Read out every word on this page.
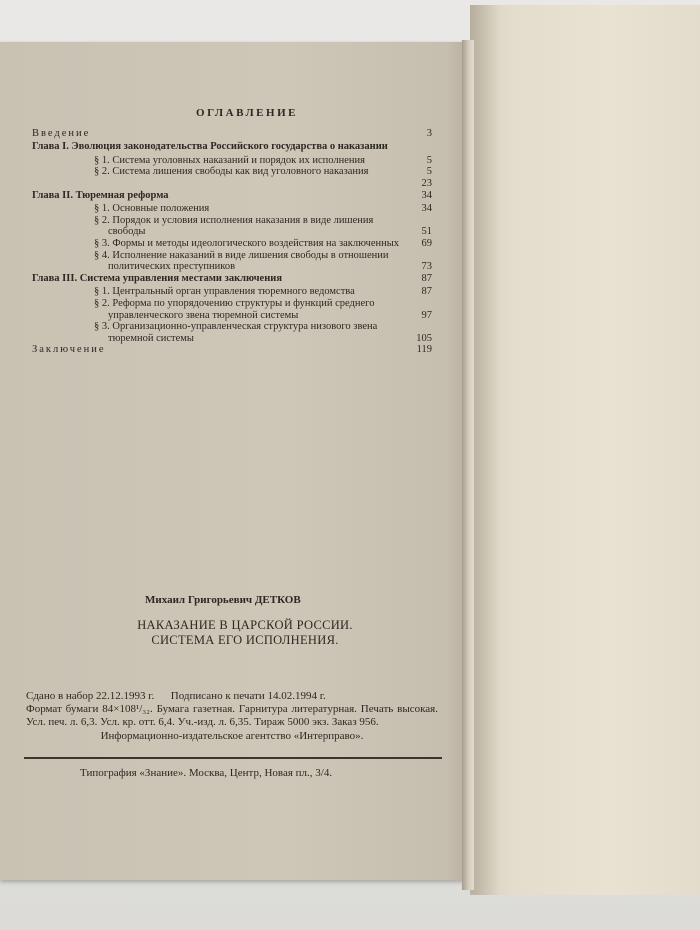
ОГЛАВЛЕНИЕ
Введение	3
Глава I. Эволюция законодательства Российского государства о наказании
§ 1. Система уголовных наказаний и порядок их исполнения	5
§ 2. Система лишения свободы как вид уголовного наказания	5
23
Глава II. Тюремная реформа	34
§ 1. Основные положения	34
§ 2. Порядок и условия исполнения наказания в виде лишения свободы	51
§ 3. Формы и методы идеологического воздействия на заключенных	69
§ 4. Исполнение наказаний в виде лишения свободы в отношении политических преступников	73
Глава III. Система управления местами заключения	87
§ 1. Центральный орган управления тюремного ведомства	87
§ 2. Реформа по упорядочению структуры и функций среднего управленческого звена тюремной системы	97
§ 3. Организационно-управленческая структура низового звена тюремной системы	105
Заключение	119
Михаил Григорьевич ДЕТКОВ
НАКАЗАНИЕ В ЦАРСКОЙ РОССИИ.
СИСТЕМА ЕГО ИСПОЛНЕНИЯ.
Сдано в набор 22.12.1993 г.      Подписано к печати 14.02.1994 г.
Формат бумаги 84×108¹/₃₂. Бумага газетная. Гарнитура литературная. Печать высокая. Усл. печ. л. 6,3. Усл. кр. отт. 6,4. Уч.-изд. л. 6,35. Тираж 5000 экз. Заказ 956.
Информационно-издательское агентство «Интерправо».
Типография «Знание». Москва, Центр, Новая пл., 3/4.
